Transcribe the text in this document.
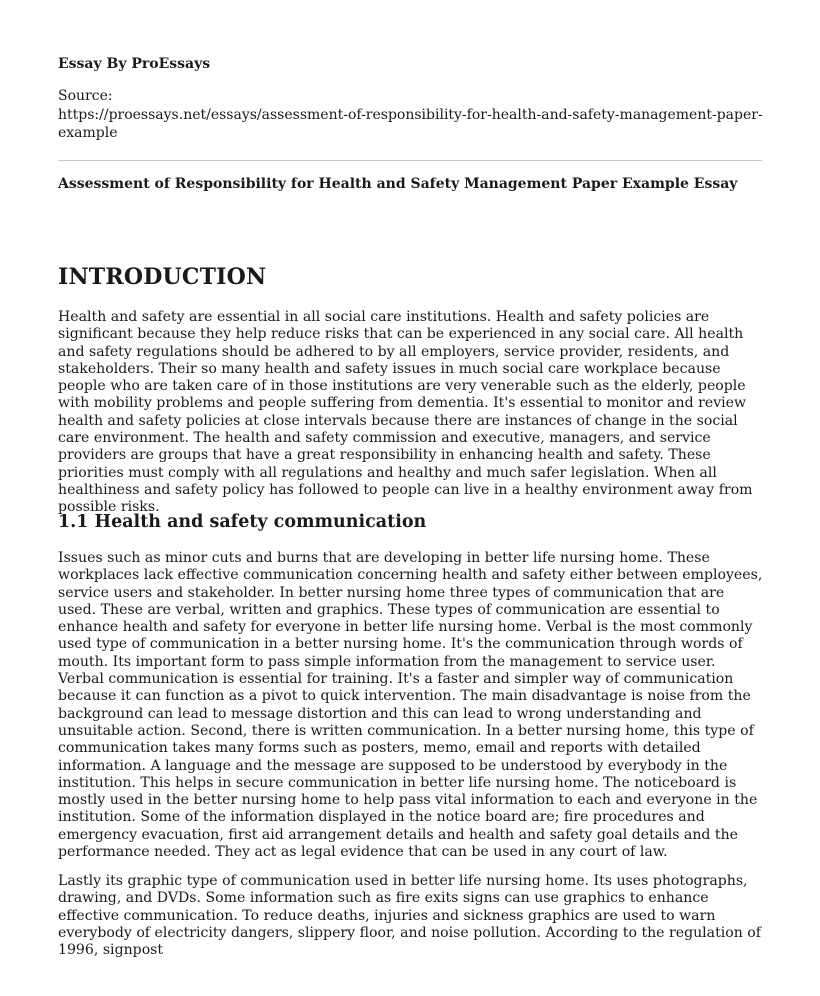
Essay By ProEssays

Source:

https://proessays.net/essays/assessment-of-responsibility-for-health-and-safety-management-paper-example

Assessment of Responsibility for Health and Safety Management Paper Example Essay

INTRODUCTION

Health and safety are essential in all social care institutions. Health and safety policies are significant because they help reduce risks that can be experienced in any social care. All health and safety regulations should be adhered to by all employers, service provider, residents, and stakeholders. Their so many health and safety issues in much social care workplace because people who are taken care of in those institutions are very venerable such as the elderly, people with mobility problems and people suffering from dementia. It's essential to monitor and review health and safety policies at close intervals because there are instances of change in the social care environment. The health and safety commission and executive, managers, and service providers are groups that have a great responsibility in enhancing health and safety. These priorities must comply with all regulations and healthy and much safer legislation. When all healthiness and safety policy has followed to people can live in a healthy environment away from possible risks.

1.1 Health and safety communication

Issues such as minor cuts and burns that are developing in better life nursing home. These workplaces lack effective communication concerning health and safety either between employees, service users and stakeholder. In better nursing home three types of communication that are used. These are verbal, written and graphics. These types of communication are essential to enhance health and safety for everyone in better life nursing home. Verbal is the most commonly used type of communication in a better nursing home. It's the communication through words of mouth. Its important form to pass simple information from the management to service user. Verbal communication is essential for training. It's a faster and simpler way of communication because it can function as a pivot to quick intervention. The main disadvantage is noise from the background can lead to message distortion and this can lead to wrong understanding and unsuitable action. Second, there is written communication. In a better nursing home, this type of communication takes many forms such as posters, memo, email and reports with detailed information. A language and the message are supposed to be understood by everybody in the institution. This helps in secure communication in better life nursing home. The noticeboard is mostly used in the better nursing home to help pass vital information to each and everyone in the institution. Some of the information displayed in the notice board are; fire procedures and emergency evacuation, first aid arrangement details and health and safety goal details and the performance needed. They act as legal evidence that can be used in any court of law.

Lastly its graphic type of communication used in better life nursing home. Its uses photographs, drawing, and DVDs. Some information such as fire exits signs can use graphics to enhance effective communication. To reduce deaths, injuries and sickness graphics are used to warn everybody of electricity dangers, slippery floor, and noise pollution. According to the regulation of 1996, signpost
